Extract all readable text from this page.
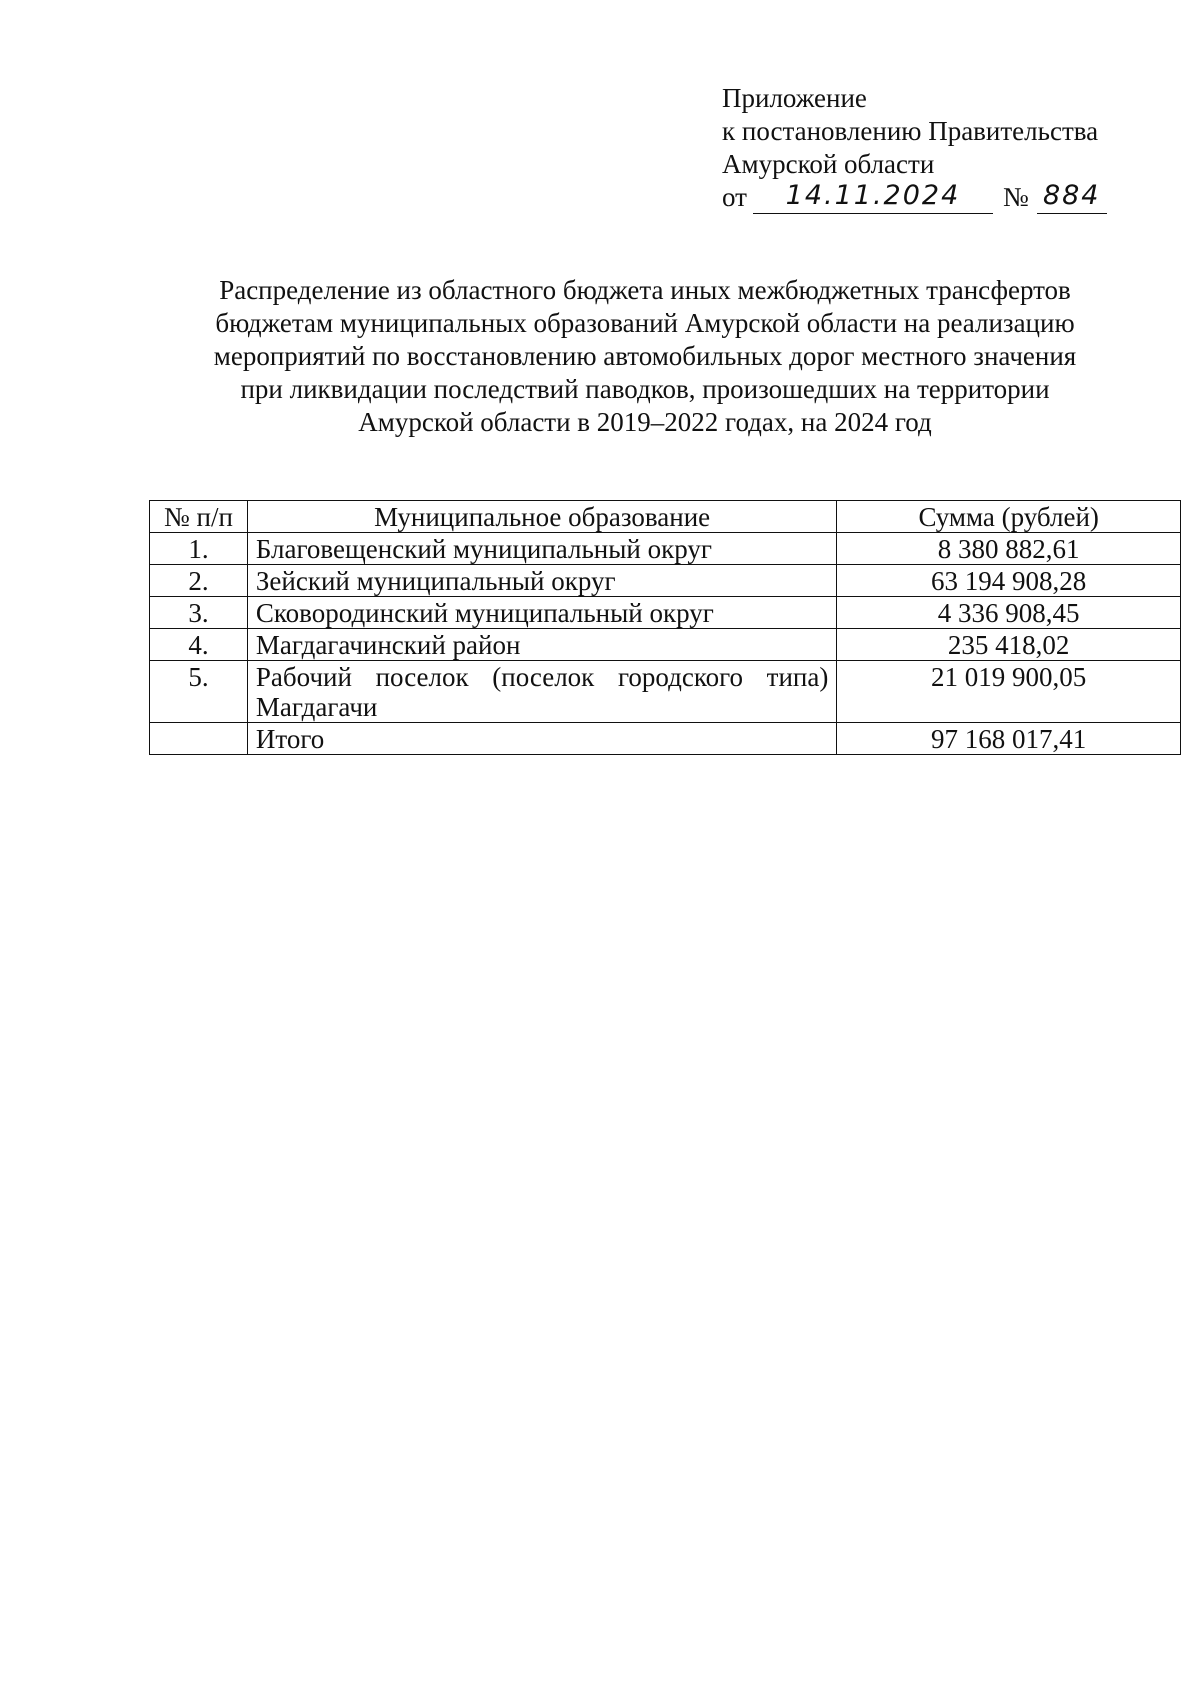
Приложение
к постановлению Правительства
Амурской области
от	14.11.2024	№ 884
Распределение из областного бюджета иных межбюджетных трансфертов
бюджетам муниципальных образований Амурской области на реализацию
мероприятий по восстановлению автомобильных дорог местного значения
при ликвидации последствий паводков, произошедших на территории
Амурской области в 2019–2022 годах, на 2024 год
№ п/п	Муниципальное образование	Сумма (рублей)
1.	Благовещенский муниципальный округ	8 380 882,61
2.	Зейский муниципальный округ	63 194 908,28
3.	Сковородинский муниципальный округ	4 336 908,45
4.	Магдагачинский район	235 418,02
5.	Рабочий поселок (поселок городского типа) Магдагачи	21 019 900,05
	Итого	97 168 017,41
